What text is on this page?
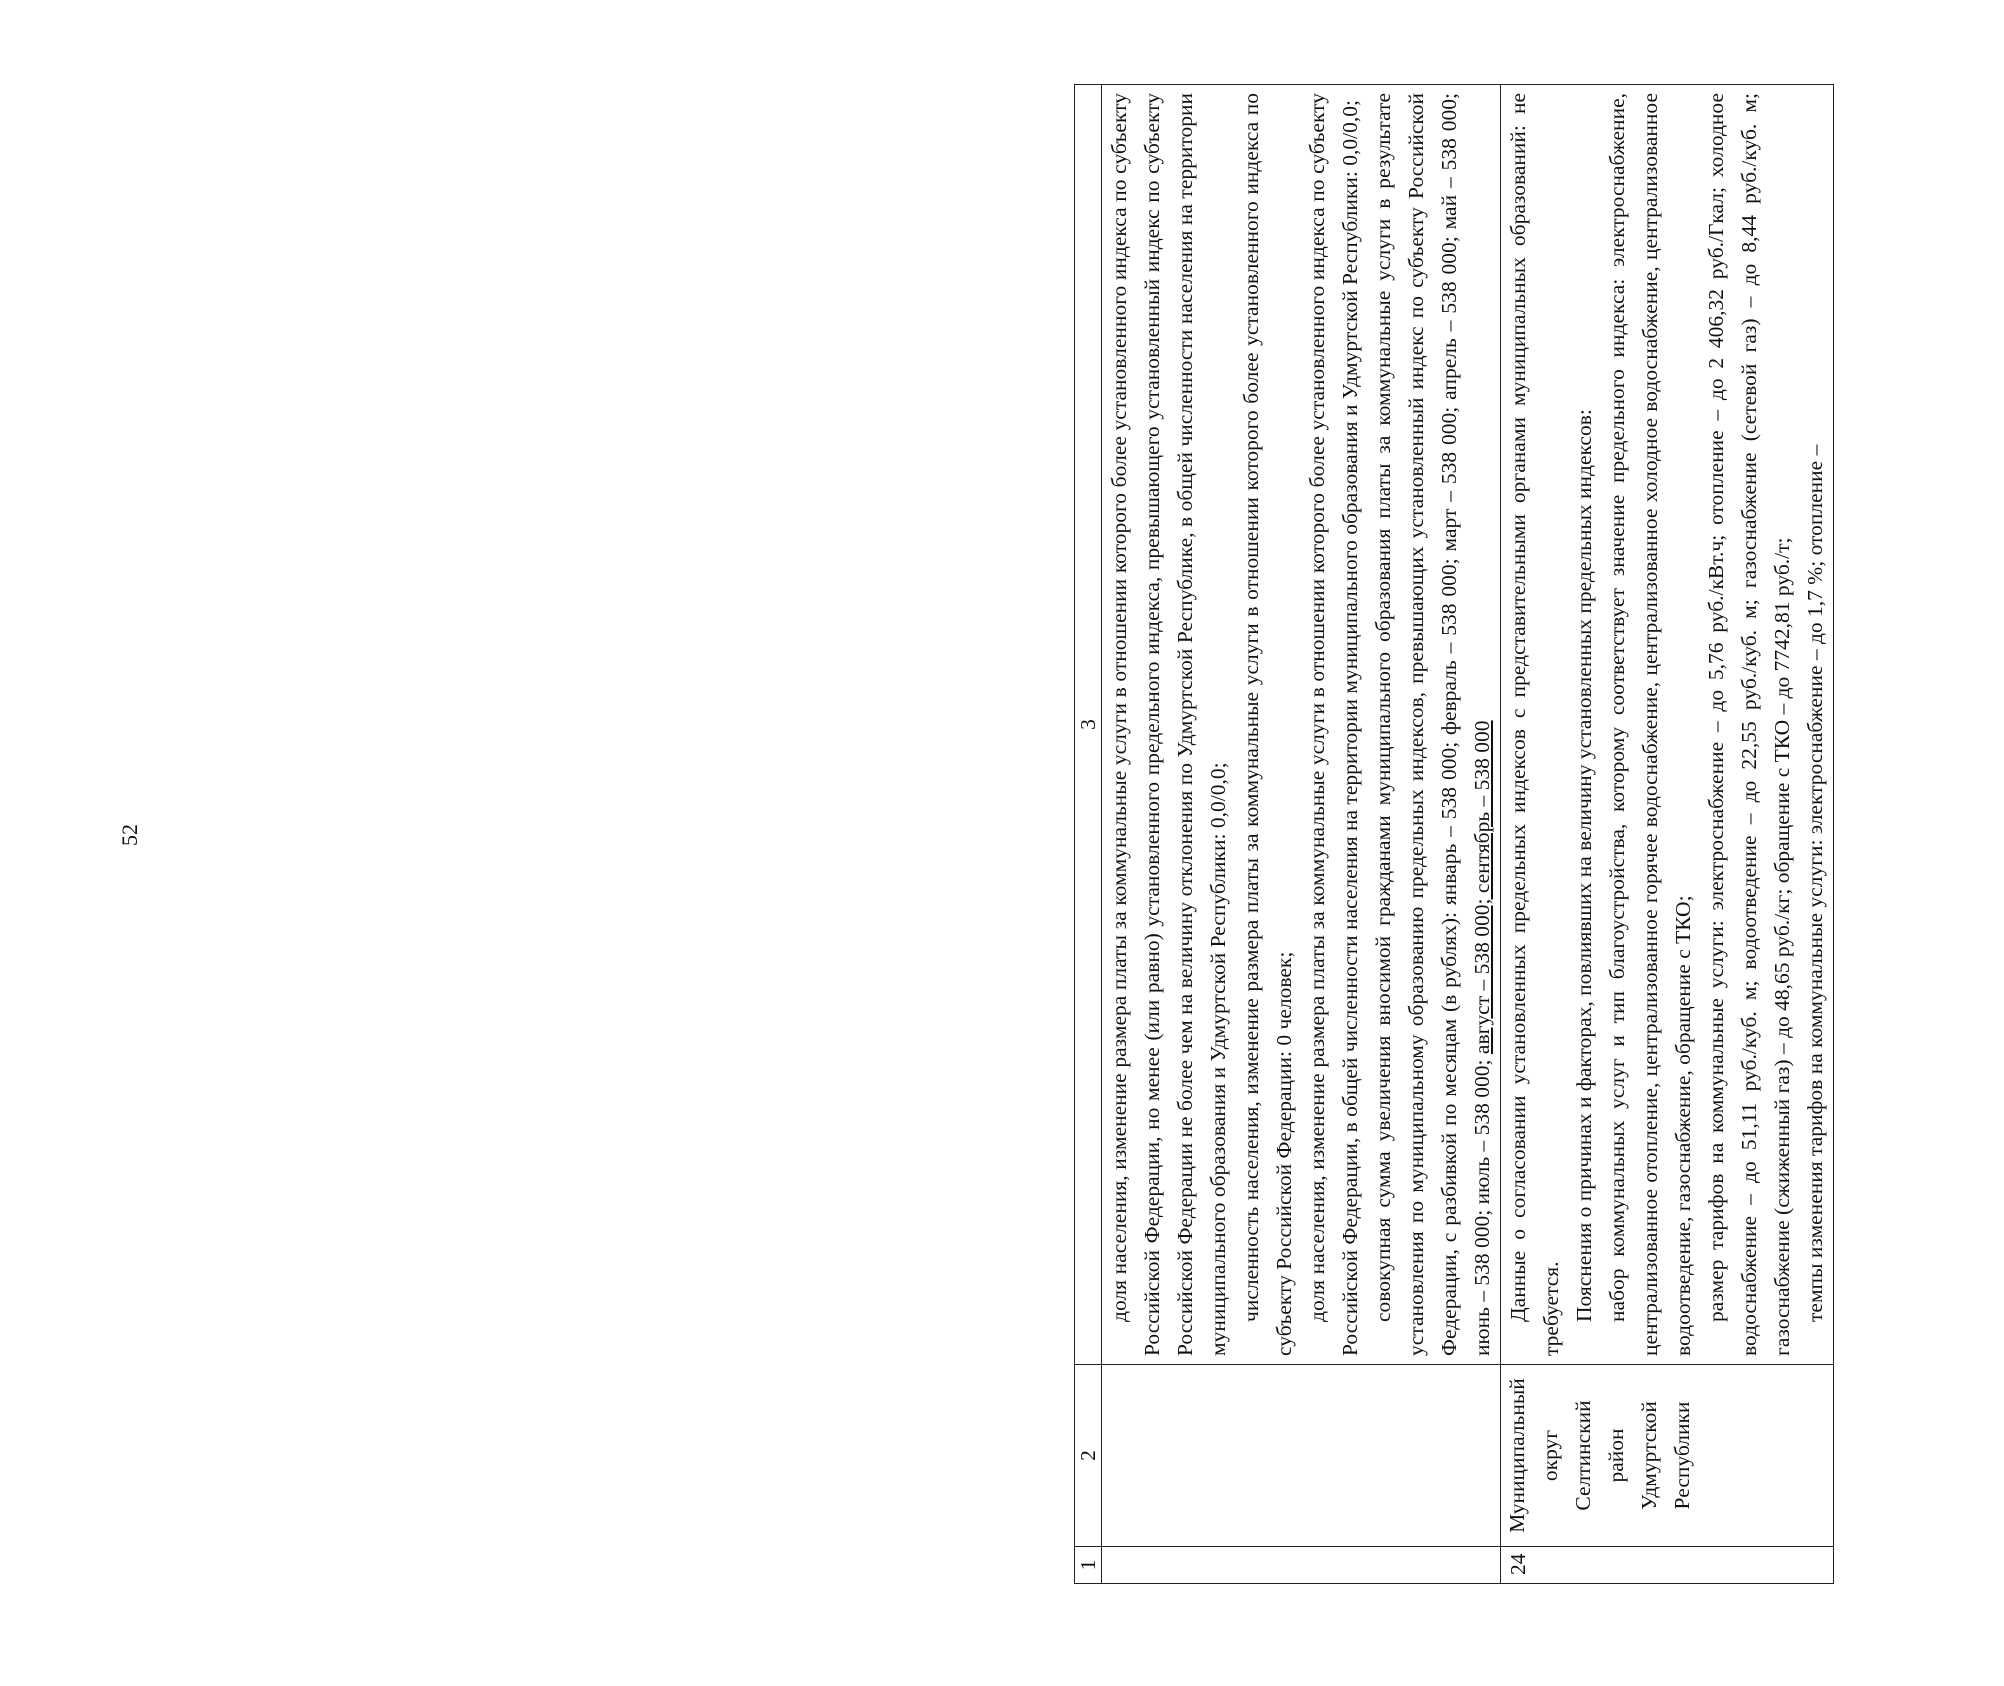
52
1	2	3

		доля населения, изменение размера платы за коммунальные услуги в отношении которого более установленного индекса по субъекту Российской Федерации, но менее (или равно) установленного предельного индекса, превышающего установленный индекс по субъекту Российской Федерации не более чем на величину отклонения по Удмуртской Республике, в общей численности населения на территории муниципального образования и Удмуртской Республики: 0,0/0,0; численность населения, изменение размера платы за коммунальные услуги в отношении которого более установленного индекса по субъекту Российской Федерации: 0 человек; доля населения, изменение размера платы за коммунальные услуги в отношении которого более установленного индекса по субъекту Российской Федерации, в общей численности населения на территории муниципального образования и Удмуртской Республики: 0,0/0,0; совокупная сумма увеличения вносимой гражданами муниципального образования платы за коммунальные услуги в результате установления по муниципальному образованию предельных индексов, превышающих установленный индекс по субъекту Российской Федерации, с разбивкой по месяцам (в рублях): январь – 538 000; февраль – 538 000; март – 538 000; апрель – 538 000; май – 538 000; июнь – 538 000; июль – 538 000; август – 538 000; сентябрь – 538 000

24	Муниципальный округ Селтинский район Удмуртской Республики	Данные о согласовании установленных предельных индексов с представительными органами муниципальных образований: не требуется. Пояснения о причинах и факторах, повлиявших на величину установленных предельных индексов: набор коммунальных услуг и тип благоустройства, которому соответствует значение предельного индекса: электроснабжение, централизованное отопление, централизованное горячее водоснабжение, централизованное холодное водоснабжение, централизованное водоотведение, газоснабжение, обращение с ТКО; размер тарифов на коммунальные услуги: электроснабжение – до 5,76 руб./кВт.ч; отопление – до 2 406,32 руб./Гкал; холодное водоснабжение – до 51,11 руб./куб. м; водоотведение – до 22,55 руб./куб. м; газоснабжение (сетевой газ) – до 8,44 руб./куб. м; газоснабжение (сжиженный газ) – до 48,65 руб./кг; обращение с ТКО – до 7742,81 руб./т; темпы изменения тарифов на коммунальные услуги: электроснабжение – до 1,7 %; отопление –
